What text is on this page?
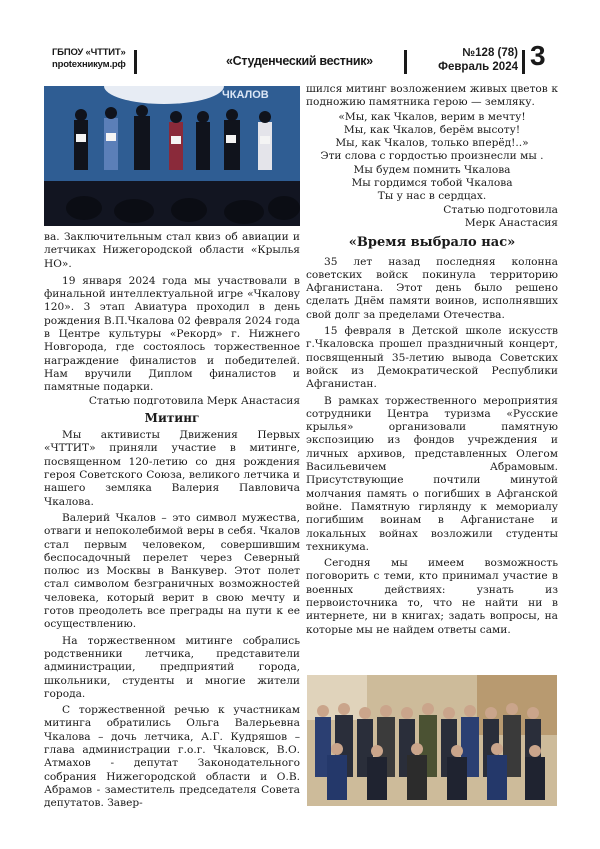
ГБПОУ «ЧТТИТ»
npotexникум.рф	«Студенческий вестник»
№128 (78)
Февраль 2024 3
ЧКАЛОВ

ва. Заключительным стал квиз об авиации и летчиках Нижегородской области «Крылья НО».

19 января 2024 года мы участвовали в финальной интеллектуальной игре «Чкалову 120». 3 этап Авиатура проходил в день рождения В.П.Чкалова 02 февраля 2024 года в Центре культуры «Рекорд» г. Нижнего Новгорода, где состоялось торжественное награждение финалистов и победителей. Нам вручили Диплом финалистов и памятные подарки.

Статью подготовила Мерк Анастасия

Митинг

Мы активисты Движения Первых «ЧТТИТ» приняли участие в митинге, посвященном 120-летию со дня рождения героя Советского Союза, великого летчика и нашего земляка Валерия Павловича Чкалова.

Валерий Чкалов – это символ мужества, отваги и непоколебимой веры в себя. Чкалов стал первым человеком, совершившим беспосадочный перелет через Северный полюс из Москвы в Ванкувер. Этот полет стал символом безграничных возможностей человека, который верит в свою мечту и готов преодолеть все преграды на пути к ее осуществлению.

На торжественном митинге собрались родственники летчика, представители администрации, предприятий города, школьники, студенты и многие жители города.

С торжественной речью к участникам митинга обратились Ольга Валерьевна Чкалова – дочь летчика, А.Г. Кудряшов – глава администрации г.о.г. Чкаловск, В.О. Атмахов - депутат Законодательного собрания Нижегородской области и О.В. Абрамов - заместитель председателя Совета депутатов. Завер-

шился митинг возложением живых цветов к подножию памятника герою — земляку.

«Мы, как Чкалов, верим в мечту!
Мы, как Чкалов, берём высоту!
Мы, как Чкалов, только вперёд!..»
Эти слова с гордостью произнесли мы .
Мы будем помнить Чкалова
Мы гордимся тобой Чкалова
Ты у нас в сердцах.

Статью подготовила

Мерк Анастасия

«Время выбрало нас»

35 лет назад последняя колонна советских войск покинула территорию Афганистана. Этот день было решено сделать Днём памяти воинов, исполнявших свой долг за пределами Отечества.

15 февраля в Детской школе искусств г.Чкаловска прошел праздничный концерт, посвященный 35-летию вывода Советских войск из Демократической Республики Афганистан.

В рамках торжественного мероприятия сотрудники Центра туризма «Русские крылья» организовали памятную экспозицию из фондов учреждения и личных архивов, представленных Олегом Васильевичем Абрамовым. Присутствующие почтили минутой молчания память о погибших в Афганской войне. Памятную гирлянду к мемориалу погибшим воинам в Афганистане и локальных войнах возложили студенты техникума.

Сегодня мы имеем возможность поговорить с теми, кто принимал участие в военных действиях: узнать из первоисточника то, что не найти ни в интернете, ни в книгах; задать вопросы, на которые мы не найдем ответы сами.
